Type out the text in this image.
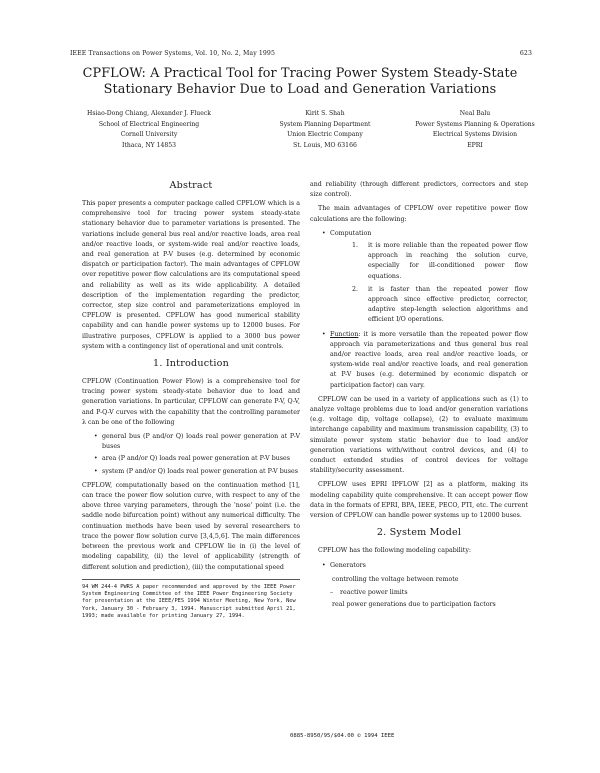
IEEE Transactions on Power Systems, Vol. 10, No. 2, May 1995	623
CPFLOW: A Practical Tool for Tracing Power System Steady-State
Stationary Behavior Due to Load and Generation Variations
Hsiao-Dong Chiang, Alexander J. Flueck
School of Electrical Engineering
Cornell University
Ithaca, NY 14853
Kirit S. Shah
System Planning Department
Union Electric Company
St. Louis, MO 63166
Neal Balu
Power Systems Planning & Operations
Electrical Systems Division
EPRI
Abstract

This paper presents a computer package called CPFLOW which is a comprehensive tool for tracing power system steady-state stationary behavior due to parameter variations is presented. The variations include general bus real and/or reactive loads, area real and/or reactive loads, or system-wide real and/or reactive loads, and real generation at P-V buses (e.g. determined by economic dispatch or participation factor). The main advantages of CPFLOW over repetitive power flow calculations are its computational speed and reliability as well as its wide applicability. A detailed description of the implementation regarding the predictor, corrector, step size control and parameterizations employed in CPFLOW is presented. CPFLOW has good numerical stability capability and can handle power systems up to 12000 buses. For illustrative purposes, CPFLOW is applied to a 3000 bus power system with a contingency list of operational and unit controls.

1. Introduction

CPFLOW (Continuation Power Flow) is a comprehensive tool for tracing power system steady-state behavior due to load and generation variations. In particular, CPFLOW can generate P-V, Q-V, and P-Q-V curves with the capability that the controlling parameter λ can be one of the following

• general bus (P and/or Q) loads real power generation at P-V buses
• area (P and/or Q) loads real power generation at P-V buses
• system (P and/or Q) loads real power generation at P-V buses

CPFLOW, computationally based on the continuation method [1], can trace the power flow solution curve, with respect to any of the above three varying parameters, through the 'nose' point (i.e. the saddle node bifurcation point) without any numerical difficulty. The continuation methods have been used by several researchers to trace the power flow solution curve [3,4,5,6]. The main differences between the previous work and CPFLOW lie in (i) the level of modeling capability, (ii) the level of applicability (strength of different solution and prediction), (iii) the computational speed

94 WM 244-4 PWRS A paper recommended and approved by the IEEE Power System Engineering Committee of the IEEE Power Engineering Society for presentation at the IEEE/PES 1994 Winter Meeting, New York, New York, January 30 - February 3, 1994. Manuscript submitted April 21, 1993; made available for printing January 27, 1994.

and reliability (through different predictors, correctors and step size control).

The main advantages of CPFLOW over repetitive power flow calculations are the following:

• Computation
1. it is more reliable than the repeated power flow approach in reaching the solution curve, especially for ill-conditioned power flow equations.
2. it is faster than the repeated power flow approach since effective predictor, corrector, adaptive step-length selection algorithms and efficient I/O operations.
• Function: it is more versatile than the repeated power flow approach via parameterizations and thus general bus real and/or reactive loads, area real and/or reactive loads, or system-wide real and/or reactive loads, and real generation at P-V buses (e.g. determined by economic dispatch or participation factor) can vary.

CPFLOW can be used in a variety of applications such as (1) to analyze voltage problems due to load and/or generation variations (e.g. voltage dip, voltage collapse), (2) to evaluate maximum interchange capability and maximum transmission capability, (3) to simulate power system static behavior due to load and/or generation variations with/without control devices, and (4) to conduct extended studies of control devices for voltage stability/security assessment.

CPFLOW uses EPRI IPFLOW [2] as a platform, making its modeling capability quite comprehensive. It can accept power flow data in the formats of EPRI, BPA, IEEE, PECO, PTI, etc. The current version of CPFLOW can handle power systems up to 12000 buses.

2. System Model

CPFLOW has the following modeling capability:

• Generators
controlling the voltage between remote
– reactive power limits
real power generations due to participation factors
0885-8950/95/$04.00 © 1994 IEEE
